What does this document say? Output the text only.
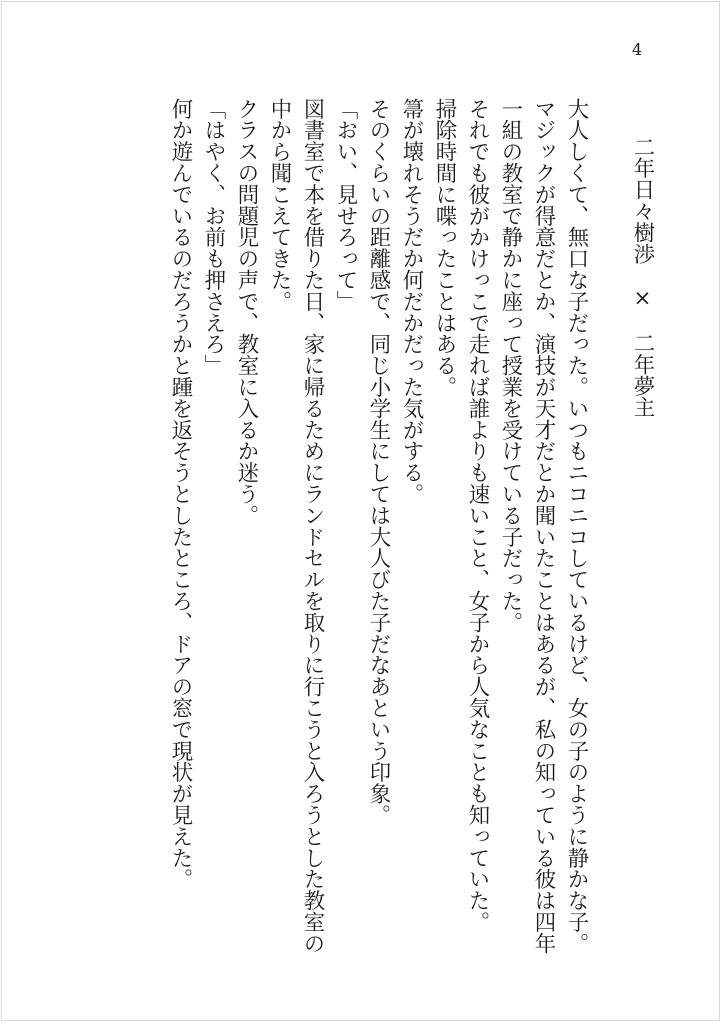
4
二年日々樹渉　×　二年夢主
大人しくて、無口な子だった。いつもニコニコしているけど、女の子のように静かな子。
マジックが得意だとか、演技が天才だとか聞いたことはあるが、私の知っている彼は四年
一組の教室で静かに座って授業を受けている子だった。
それでも彼がかけっこで走れば誰よりも速いこと、女子から人気なことも知っていた。
掃除時間に喋ったことはある。
箒が壊れそうだか何だかだった気がする。
そのくらいの距離感で、同じ小学生にしては大人びた子だなあという印象。
「おい、見せろって」
図書室で本を借りた日、家に帰るためにランドセルを取りに行こうと入ろうとした教室の
中から聞こえてきた。
クラスの問題児の声で、教室に入るか迷う。
「はやく、お前も押さえろ」
何か遊んでいるのだろうかと踵を返そうとしたところ、ドアの窓で現状が見えた。
